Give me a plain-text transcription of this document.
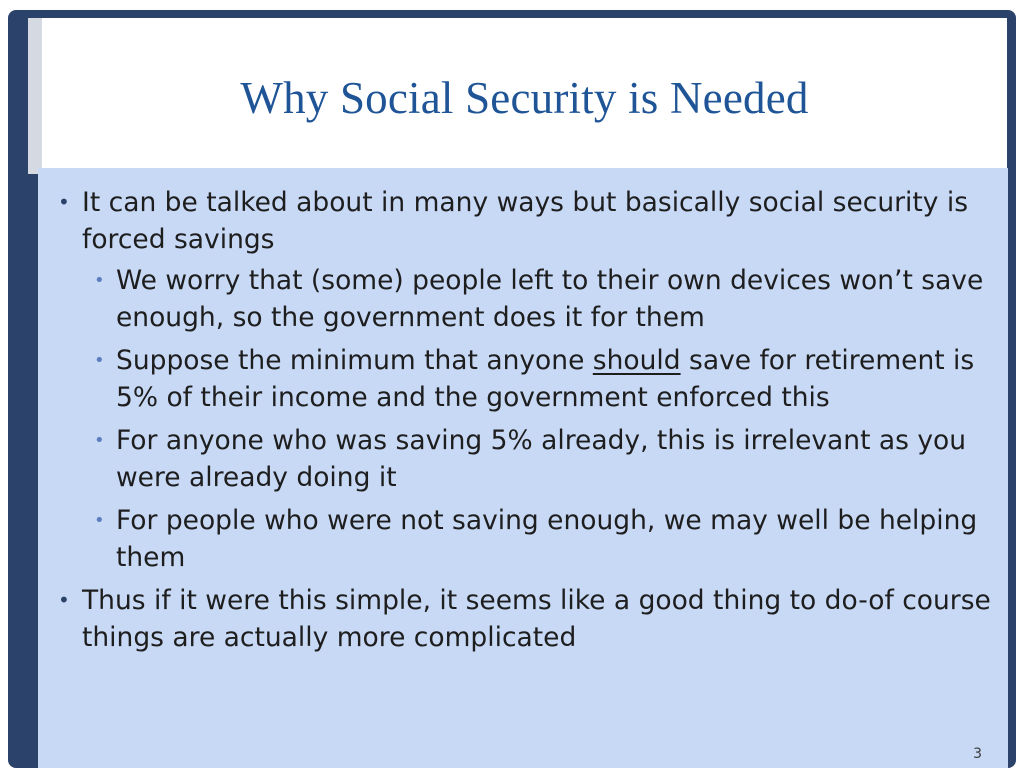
Why Social Security is Needed
• It can be talked about in many ways but basically social security is forced savings
• We worry that (some) people left to their own devices won’t save enough, so the government does it for them
• Suppose the minimum that anyone should save for retirement is 5% of their income and the government enforced this
• For anyone who was saving 5% already, this is irrelevant as you were already doing it
• For people who were not saving enough, we may well be helping them
• Thus if it were this simple, it seems like a good thing to do-of course things are actually more complicated
3
